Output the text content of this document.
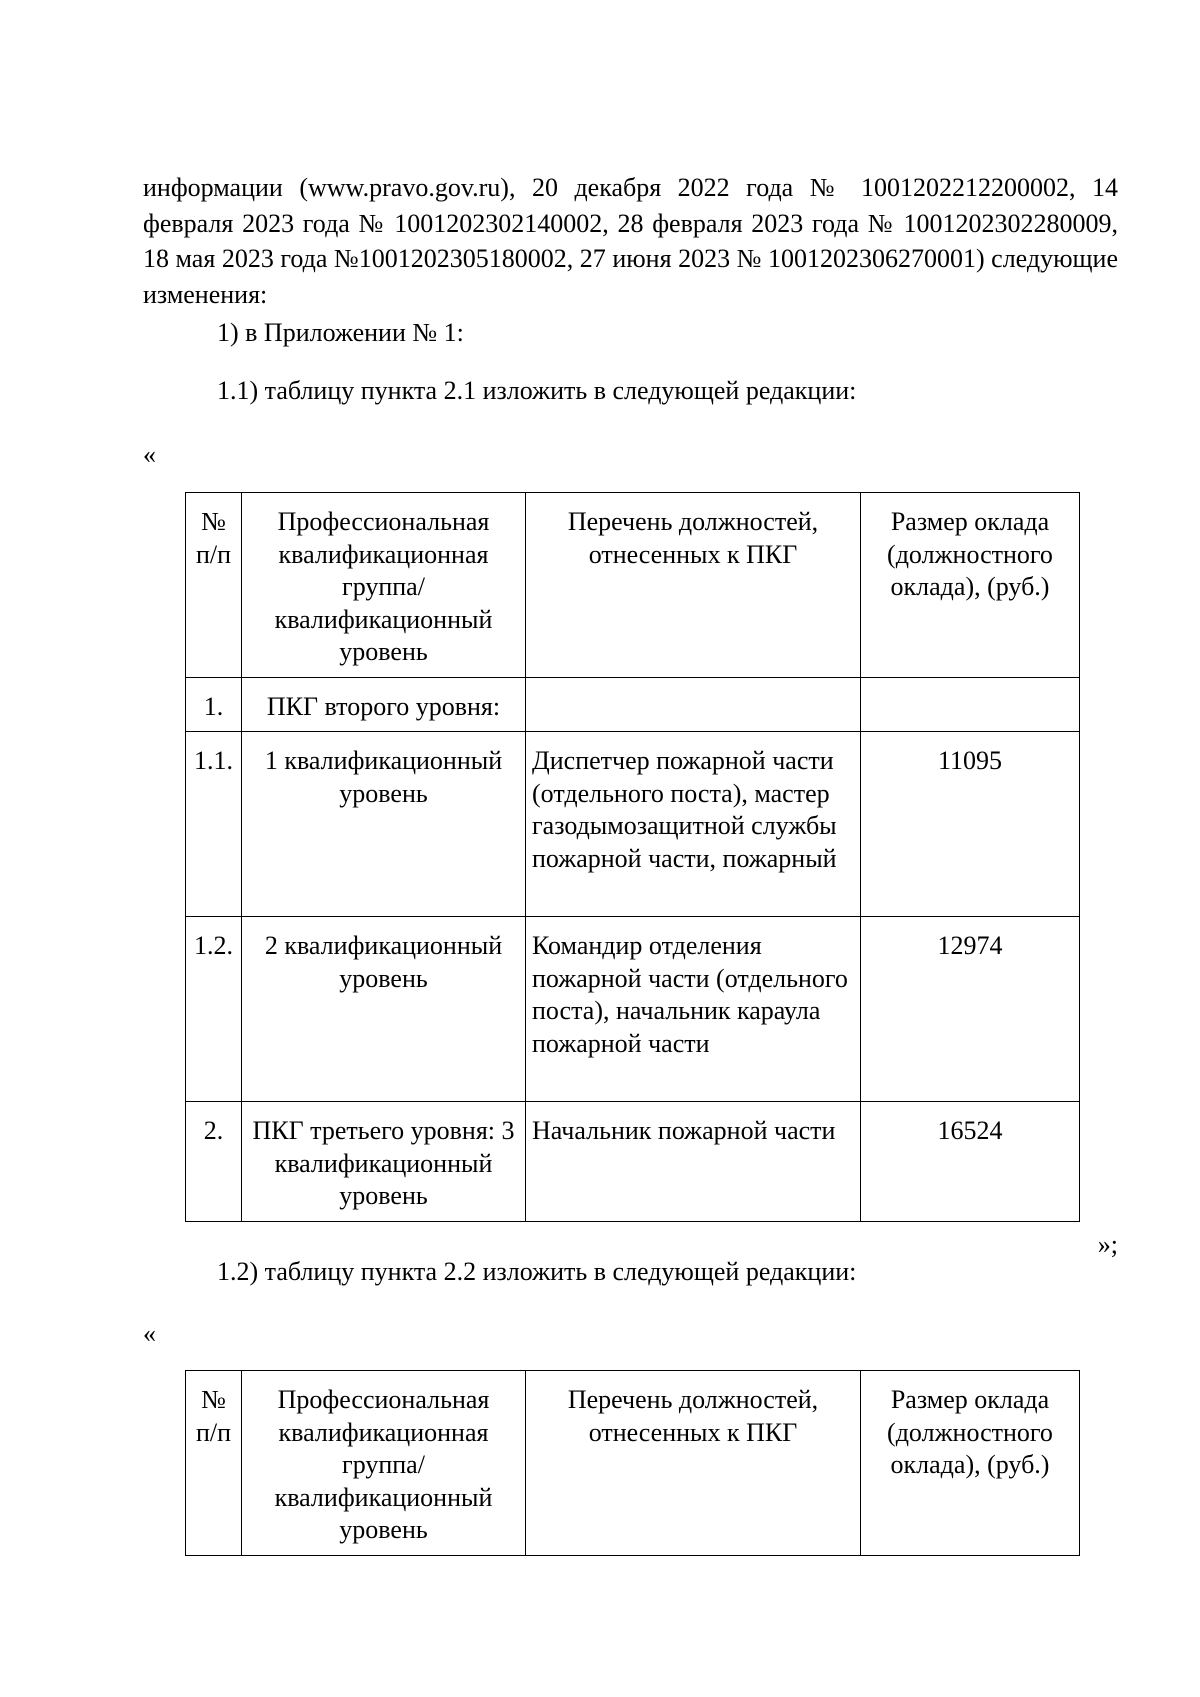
информации (www.pravo.gov.ru), 20 декабря 2022 года № 1001202212200002, 14 февраля 2023 года № 1001202302140002, 28 февраля 2023 года № 1001202302280009, 18 мая 2023 года №1001202305180002, 27 июня 2023 № 1001202306270001) следующие изменения:

1) в Приложении № 1:

1.1) таблицу пункта 2.1 изложить в следующей редакции:

«

№ п/п	Профессиональная квалификационная группа/ квалификационный уровень	Перечень должностей, отнесенных к ПКГ	Размер оклада (должностного оклада), (руб.)
1.	ПКГ второго уровня:		
1.1.	1 квалификационный уровень	Диспетчер пожарной части (отдельного поста), мастер газодымозащитной службы пожарной части, пожарный	11095
1.2.	2 квалификационный уровень	Командир отделения пожарной части (отдельного поста), начальник караула пожарной части	12974
2.	ПКГ третьего уровня: 3 квалификационный уровень	Начальник пожарной части	16524

»;

1.2) таблицу пункта 2.2 изложить в следующей редакции:

«

№ п/п	Профессиональная квалификационная группа/ квалификационный уровень	Перечень должностей, отнесенных к ПКГ	Размер оклада (должностного оклада), (руб.)
